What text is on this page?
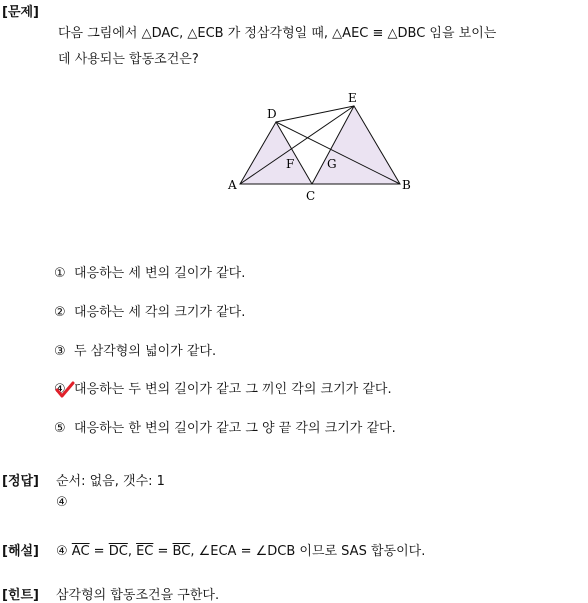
[문제]
다음 그림에서 △DAC, △ECB 가 정삼각형일 때, △AEC ≡ △DBC 임을 보이는
데 사용되는 합동조건은?
D
E
A	B
C
F	G
① 대응하는 세 변의 길이가 같다.
② 대응하는 세 각의 크기가 같다.
③ 두 삼각형의 넓이가 같다.
④ 대응하는 두 변의 길이가 같고 그 끼인 각의 크기가 같다.
⑤ 대응하는 한 변의 길이가 같고 그 양 끝 각의 크기가 같다.
[정답] 순서: 없음, 갯수: 1
④
[해설] ④ $\overline{AC} = \overline{DC}$, $\overline{EC} = \overline{BC}$, ∠ECA = ∠DCB 이므로 SAS 합동이다.
[힌트] 삼각형의 합동조건을 구한다.
